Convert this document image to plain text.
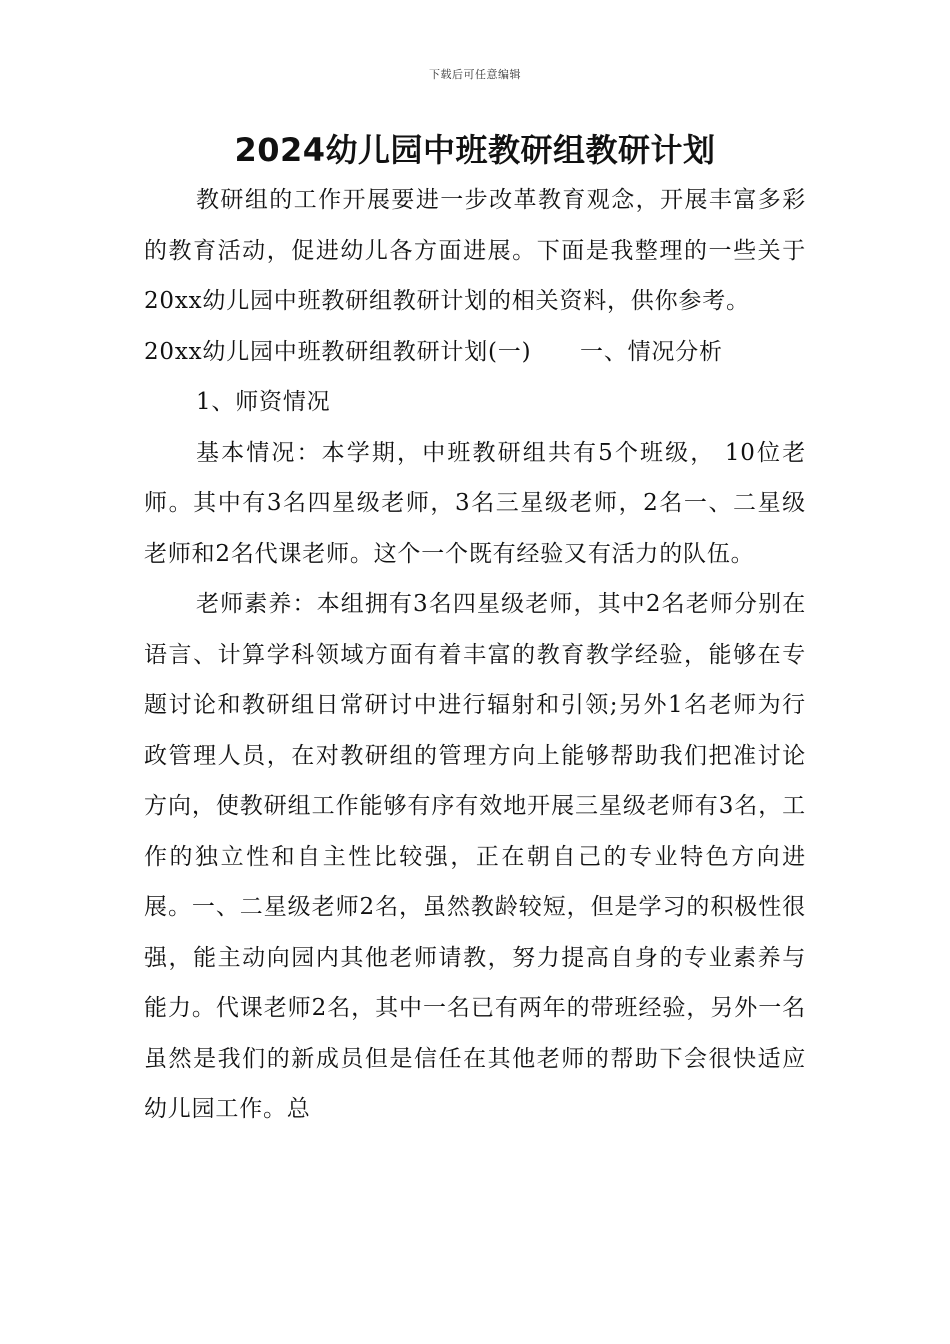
下载后可任意编辑
2024幼儿园中班教研组教研计划

教研组的工作开展要进一步改革教育观念，开展丰富多彩的教育活动，促进幼儿各方面进展。下面是我整理的一些关于20xx幼儿园中班教研组教研计划的相关资料，供你参考。

20xx幼儿园中班教研组教研计划(一)      一、情况分析

1、师资情况

基本情况：本学期，中班教研组共有5个班级， 10位老师。其中有3名四星级老师，3名三星级老师，2名一、二星级老师和2名代课老师。这个一个既有经验又有活力的队伍。

老师素养：本组拥有3名四星级老师，其中2名老师分别在语言、计算学科领域方面有着丰富的教育教学经验，能够在专题讨论和教研组日常研讨中进行辐射和引领;另外1名老师为行政管理人员，在对教研组的管理方向上能够帮助我们把准讨论方向，使教研组工作能够有序有效地开展三星级老师有3名，工作的独立性和自主性比较强，正在朝自己的专业特色方向进展。一、二星级老师2名，虽然教龄较短，但是学习的积极性很强，能主动向园内其他老师请教，努力提高自身的专业素养与能力。代课老师2名，其中一名已有两年的带班经验，另外一名虽然是我们的新成员但是信任在其他老师的帮助下会很快适应幼儿园工作。总
